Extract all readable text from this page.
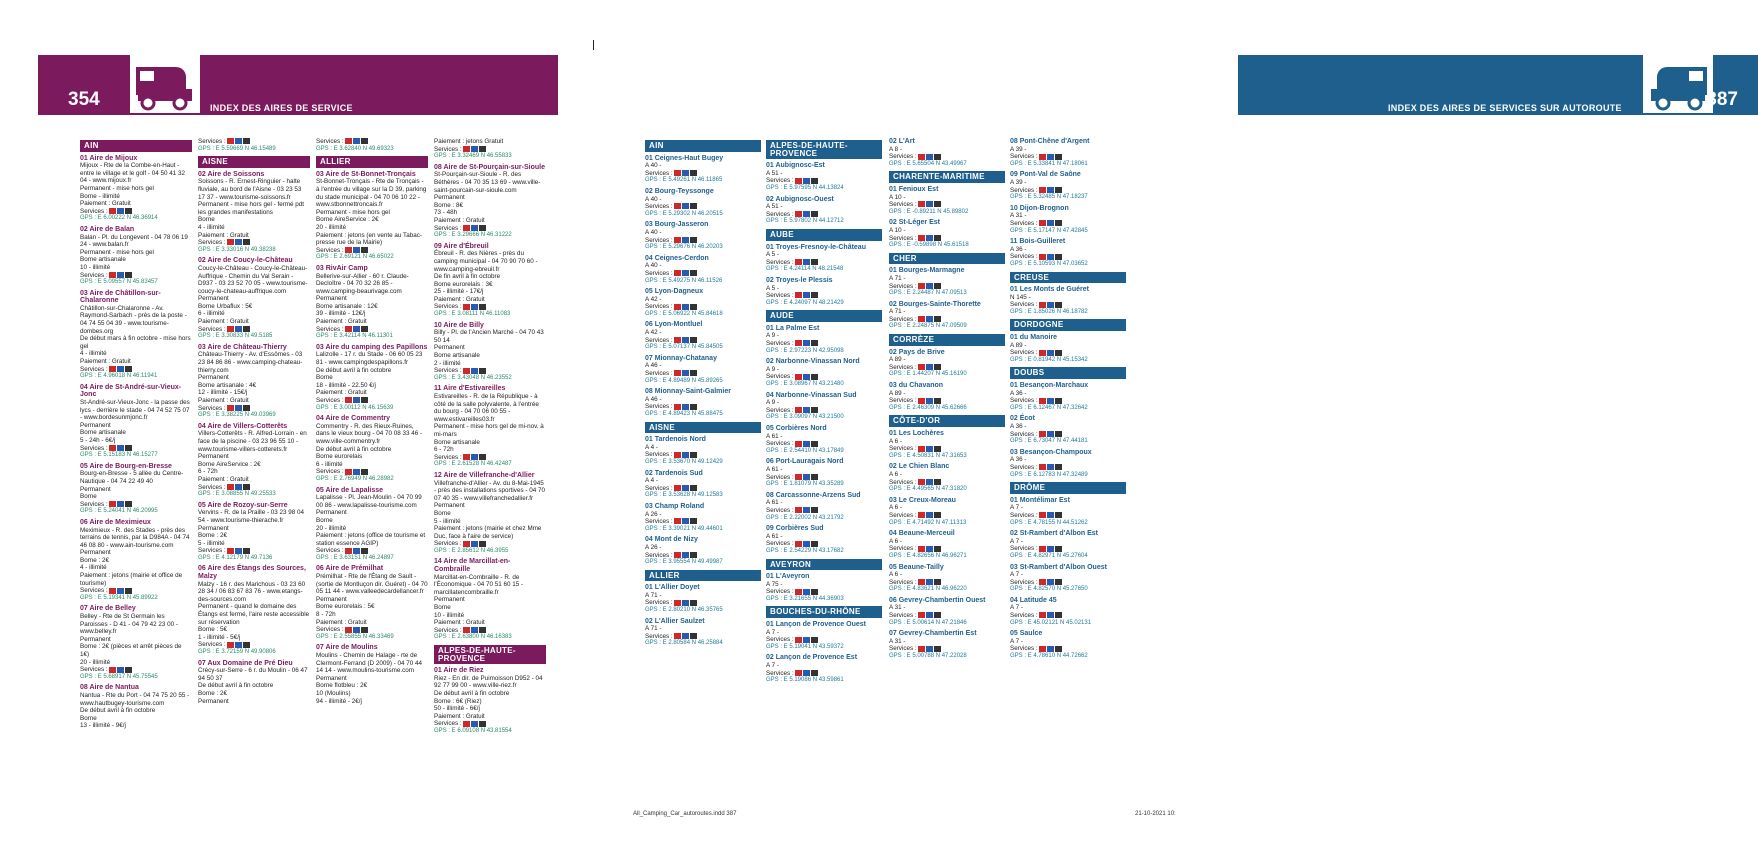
354	INDEX DES AIRES DE SERVICE
AIN
01 Aire de Mijoux
Mijoux - Rte de la Combe-en-Haut - entre le village et le golf - 04 50 41 32 04 - www.mijoux.fr
Permanent - mise hors gel
Borne - illimité
Paiement : Gratuit
Services :
GPS : E 6.00222 N 46.36914
02 Aire de Balan
Balan - Pl. du Longevent - 04 78 06 19 24 - www.balan.fr
Permanent - mise hors gel
Borne artisanale
10 - illimité
Services :
GPS : E 5.09557 N 45.83457
03 Aire de Châtillon-sur-Chalaronne
Châtillon-sur-Chalaronne - Av. Raymond-Sarbach - près de la poste - 04 74 55 04 39 - www.tourisme-dombes.org
De début mars à fin octobre - mise hors gel
4 - illimité
Paiement : Gratuit
Services :
GPS : E 4.96018 N 46.11941
04 Aire de St-André-sur-Vieux-Jonc
St-André-sur-Vieux-Jonc - la passe des lycs - derrière le stade - 04 74 52 75 07 - www.bordesunmjonc.fr
Permanent
Borne artisanale
5 - 24h - 6€/j
Services :
GPS : E 5.15183 N 46.15277
05 Aire de Bourg-en-Bresse
Bourg-en-Bresse - 5 allée du Centre-Nautique - 04 74 22 49 40
Permanent
Borne
Services :
GPS : E 5.24041 N 46.20995
06 Aire de Meximieux
Meximieux - R. des Stades - près des terrains de tennis, par la D984A - 04 74 46 08 80 - www.ain-tourisme.com
Permanent
Borne : 2€
4 - illimité
Paiement : jetons (mairie et office de tourisme)
Services :
GPS : E 5.19341 N 45.89922
07 Aire de Belley
Belley - Rte de St Germain les Paroisses - D 41 - 04 79 42 23 00 - www.belley.fr
Permanent
Borne : 2€ (pièces et arrêt pièces de 1€)
20 - illimité
Services :
GPS : E 5.68917 N 45.75545
08 Aire de Nantua
Nantua - Rte du Port - 04 74 75 20 55 - www.hautbugey-tourisme.com
De début avril à fin octobre
Borne
13 - illimité - 9€/j
Services :
GPS : E 5.59669 N 46.15489
AISNE
02 Aire de Soissons
Soissons - R. Ernest-Ringuier - halte fluviale, au bord de l'Aisne - 03 23 53 17 37 - www.tourisme-soissons.fr
Permanent - mise hors gel - fermé pdt les grandes manifestations
Borne
4 - illimité
Paiement : Gratuit
Services :
GPS : E 3.33016 N 49.38238
02 Aire de Coucy-le-Château
Coucy-le-Château - Coucy-le-Château-Auffrique - Chemin du Val Serain - D937 - 03 23 52 70 05 - www.tourisme-coucy-le-chateau-auffrique.com
Permanent
Borne Urbaflux : 5€
6 - illimité
Paiement : Gratuit
Services :
GPS : E 3.30833 N 49.5185
03 Aire de Château-Thierry
Château-Thierry - Av. d'Essômes - 03 23 84 86 86 - www.camping-chateau-thierry.com
Permanent
Borne artisanale : 4€
12 - illimité - 15€/j
Paiement : Gratuit
Services :
GPS : E 3.38225 N 49.03969
04 Aire de Villers-Cotterêts
Villers-Cotterêts - R. Alfred-Lorrain - en face de la piscine - 03 23 96 55 10 - www.tourisme-villers-cotterets.fr
Permanent
Borne AireService : 2€
6 - 72h
Paiement : Gratuit
Services :
GPS : E 3.08855 N 49.25533
05 Aire de Rozoy-sur-Serre
Vervins - R. de la Praille - 03 23 98 04 54 - www.tourisme-thierache.fr
Permanent
Borne : 2€
5 - illimité
Services :
GPS : E 4.12179 N 49.7136
06 Aire des Étangs des Sources, Malzy
Malzy - 16 r. des Marichous - 03 23 60 28 34 / 06 83 67 83 76 - www.etangs-des-sources.com
Permanent - quand le domaine des Étangs est fermé, l'aire reste accessible sur réservation
Borne : 5€
1 - illimité - 5€/j
Services :
GPS : E 3.72159 N 49.90806
07 Aux Domaine de Pré Dieu
Crécy-sur-Serre - 6 r. du Moulin - 06 47 94 50 37
De début avril à fin octobre
Borne : 2€
Permanent
Services :
GPS : E 3.62840 N 49.69323
ALLIER
03 Aire de St-Bonnet-Tronçais
St-Bonnet-Tronçais - Rte de Tronçais - à l'entrée du village sur la D 39, parking du stade municipal - 04 70 06 10 22 - www.stbonnettroncais.fr
Permanent - mise hors gel
Borne AireService : 2€
20 - illimité
Paiement : jetons (en vente au Tabac-presse rue de la Mairie)
Services :
GPS : E 2.69121 N 46.65022
03 RivAir Camp
Bellerive-sur-Allier - 60 r. Claude-Decloître - 04 70 32 26 85 - www.camping-beaurivage.com
Permanent
Borne artisanale : 12€
39 - illimité - 12€/j
Paiement : Gratuit
Services :
GPS : E 3.42114 N 46.11301
03 Aire du camping des Papillons
Lalizolle - 17 r. du Stade - 06 60 05 23 81 - www.campingdespapillons.fr
De début avril à fin octobre
Borne
18 - illimité - 22.50 €/j
Paiement : Gratuit
Services :
GPS : E 3.00112 N 46.15639
04 Aire de Commentry
Commentry - R. des Rieux-Ruines, dans le vieux bourg - 04 70 08 33 46 - www.ville-commentry.fr
De début avril à fin octobre
Borne eurorelais
6 - illimité
Services :
GPS : E 2.76949 N 46.28982
05 Aire de Lapalisse
Lapalisse - Pl. Jean-Moulin - 04 70 99 00 86 - www.lapalisse-tourisme.com
Permanent
Borne
20 - illimité
Paiement : jetons (office de tourisme et station essence AGIP)
Services :
GPS : E 3.63151 N 46.24897
06 Aire de Prémilhat
Prémilhat - Rte de l'Étang de Sault - (sortie de Montluçon dir. Guéret) - 04 70 05 11 44 - www.valleedecardellancer.fr
Permanent
Borne eurorelais : 5€
8 - 72h
Paiement : Gratuit
Services :
GPS : E 2.55855 N 46.33469
07 Aire de Moulins
Moulins - Chemin de Halage - rte de Clermont-Ferrand (D 2009) - 04 70 44 14 14 - www.moulins-tourisme.com
Permanent
Borne flotbleu : 2€
10 (Moulins)
94 - illimité - 2€/j
Paiement : jetons Gratuit
Services :
GPS : E 3.32469 N 46.55833
08 Aire de St-Pourçain-sur-Sioule
St-Pourçain-sur-Sioule - R. des Béthères - 04 70 35 13 69 - www.ville-saint-pourcain-sur-sioule.com
Permanent
Borne : 8€
73 - 48h
Paiement : Gratuit
Services :
GPS : E 3.29666 N 46.31222
09 Aire d'Ébreuil
Ébreuil - R. des Nières - près du camping municipal - 04 70 90 70 60 - www.camping-ebreuil.fr
De fin avril à fin octobre
Borne eurorelais : 3€
25 - illimité - 17€/j
Paiement : Gratuit
Services :
GPS : E 3.08111 N 46.11083
10 Aire de Billy
Billy - Pl. de l'Ancien Marché - 04 70 43 50 14
Permanent
Borne artisanale
2 - illimité
Services :
GPS : E 3.43048 N 46.23552
11 Aire d'Estivareilles
Estivareilles - R. de la République - à côté de la salle polyvalente, à l'entrée du bourg - 04 70 06 00 55 - www.estivareilles03.fr
Permanent - mise hors gel de mi-nov. à mi-mars
Borne artisanale
6 - 72h
Services :
GPS : E 2.61528 N 46.42487
12 Aire de Villefranche-d'Allier
Villefranche-d'Allier - Av. du 8-Mai-1945 - près des installations sportives - 04 70 07 40 35 - www.villefranchedallier.fr
Permanent
Borne
5 - illimité
Paiement : jetons (mairie et chez Mme Duc, face à l'aire de service)
Services :
GPS : E 2.85612 N 46.3955
14 Aire de Marcillat-en-Combraille
Marcillat-en-Combraille - R. de l'Économique - 04 70 51 60 15 - marcillatencombraille.fr
Permanent
Borne
10 - illimité
Paiement : Gratuit
Services :
GPS : E 2.63800 N 46.16383
ALPES-DE-HAUTE-PROVENCE
01 Aire de Riez
Riez - En dir. de Puimoisson D952 - 04 92 77 99 00 - www.ville-riez.fr
De début avril à fin octobre
Borne : 6€ (Riez)
50 - illimité - 6€/j
Paiement : Gratuit
Services :
GPS : E 6.09108 N 43.81554
387
INDEX DES AIRES DE SERVICES SUR AUTOROUTE
AIN
01 Ceignes-Haut Bugey
A 40 -
Services :
GPS : E 5.49261 N 46.11865
02 Bourg-Teyssonge
A 40 -
Services :
GPS : E 5.29302 N 46.20515
03 Bourg-Jasseron
A 40 -
Services :
GPS : E 5.29676 N 46.20203
04 Ceignes-Cerdon
A 40 -
Services :
GPS : E 5.49275 N 46.11526
05 Lyon-Dagneux
A 42 -
Services :
GPS : E 5.06922 N 45.84618
06 Lyon-Montluel
A 42 -
Services :
GPS : E 5.07137 N 45.84505
07 Mionnay-Chatanay
A 46 -
Services :
GPS : E 4.89489 N 45.89265
08 Mionnay-Saint-Galmier
A 46 -
Services :
GPS : E 4.89423 N 45.88475
AISNE
01 Tardenois Nord
A 4 -
Services :
GPS : E 3.53670 N 49.12429
02 Tardenois Sud
A 4 -
Services :
GPS : E 3.53628 N 49.12583
03 Champ Roland
A 26 -
Services :
GPS : E 3.39021 N 49.44601
04 Mont de Nizy
A 26 -
Services :
GPS : E 3.95554 N 49.49987
ALLIER
01 L'Allier Doyet
A 71 -
Services :
GPS : E 2.80210 N 46.35765
02 L'Allier Saulzet
A 71 -
Services :
GPS : E 2.80584 N 46.25884
ALPES-DE-HAUTE-PROVENCE
01 Aubignosc-Est
A 51 -
Services :
GPS : E 5.97595 N 44.13824
02 Aubignosc-Ouest
A 51 -
Services :
GPS : E 5.97802 N 44.12712
AUBE
01 Troyes-Fresnoy-le-Château
A 5 -
Services :
GPS : E 4.24114 N 48.21548
02 Troyes-le Plessis
A 5 -
Services :
GPS : E 4.24097 N 48.21429
AUDE
01 La Palme Est
A 9 -
Services :
GPS : E 2.97223 N 42.95098
02 Narbonne-Vinassan Nord
A 9 -
Services :
GPS : E 3.08967 N 43.21480
04 Narbonne-Vinassan Sud
A 9 -
Services :
GPS : E 3.09097 N 43.21500
05 Corbières Nord
A 61 -
Services :
GPS : E 2.54410 N 43.17849
06 Port-Lauragais Nord
A 61 -
Services :
GPS : E 1.81079 N 43.35289
08 Carcassonne-Arzens Sud
A 61 -
Services :
GPS : E 2.22002 N 43.21792
09 Corbières Sud
A 61 -
Services :
GPS : E 2.54229 N 43.17682
AVEYRON
01 L'Aveyron
A 75 -
Services :
GPS : E 3.21655 N 44.36903
BOUCHES-DU-RHÔNE
01 Lançon de Provence Ouest
A 7 -
Services :
GPS : E 5.19041 N 43.59372
02 Lançon de Provence Est
A 7 -
Services :
GPS : E 5.19086 N 43.59861
02 L'Art
A 8 -
Services :
GPS : E 5.65504 N 43.49967
CHARENTE-MARITIME
01 Fenioux Est
A 10 -
Services :
GPS : E -0.89211 N 45.89802
02 St-Léger Est
A 10 -
Services :
GPS : E -0.59898 N 45.61518
CHER
01 Bourges-Marmagne
A 71 -
Services :
GPS : E 2.24487 N 47.09513
02 Bourges-Sainte-Thorette
A 71 -
Services :
GPS : E 2.24875 N 47.09509
CORRÈZE
02 Pays de Brive
A 89 -
Services :
GPS : E 1.44207 N 45.16190
03 du Chavanon
A 89 -
Services :
GPS : E 2.46309 N 45.62666
CÔTE-D'OR
01 Les Lochères
A 6 -
Services :
GPS : E 4.50831 N 47.31653
02 Le Chien Blanc
A 6 -
Services :
GPS : E 4.49565 N 47.31820
03 Le Creux-Moreau
A 6 -
Services :
GPS : E 4.71492 N 47.11313
04 Beaune-Merceuil
A 6 -
Services :
GPS : E 4.82656 N 46.96271
05 Beaune-Tailly
A 6 -
Services :
GPS : E 4.83621 N 46.96220
06 Gevrey-Chambertin Ouest
A 31 -
Services :
GPS : E 5.00614 N 47.21846
07 Gevrey-Chambertin Est
A 31 -
Services :
GPS : E 5.00788 N 47.22028
08 Pont-Chêne d'Argent
A 39 -
Services :
GPS : E 5.33841 N 47.18061
09 Pont-Val de Saône
A 39 -
Services :
GPS : E 5.32485 N 47.18237
10 Dijon-Brognon
A 31 -
Services :
GPS : E 5.17147 N 47.42845
11 Bois-Guilleret
A 36 -
Services :
GPS : E 5.10593 N 47.03652
CREUSE
01 Les Monts de Guéret
N 145 -
Services :
GPS : E 1.85026 N 46.18782
DORDOGNE
01 du Manoire
A 89 -
Services :
GPS : E 0.81942 N 45.15342
DOUBS
01 Besançon-Marchaux
A 36 -
Services :
GPS : E 6.12467 N 47.32642
02 Écot
A 36 -
Services :
GPS : E 6.73047 N 47.44181
03 Besançon-Champoux
A 36 -
Services :
GPS : E 6.12783 N 47.32489
DRÔME
01 Montélimar Est
A 7 -
Services :
GPS : E 4.78155 N 44.51262
02 St-Rambert d'Albon Est
A 7 -
Services :
GPS : E 4.82971 N 45.27604
03 St-Rambert d'Albon Ouest
A 7 -
Services :
GPS : E 4.82570 N 45.27650
04 Latitude 45
A 7 -
Services :
GPS : E 45.02121 N 45.02131
05 Saulce
A 7 -
Services :
GPS : E 4.78610 N 44.72662
All_Camping_Car_autoroutes.indd 387	21-10-2021 10:
